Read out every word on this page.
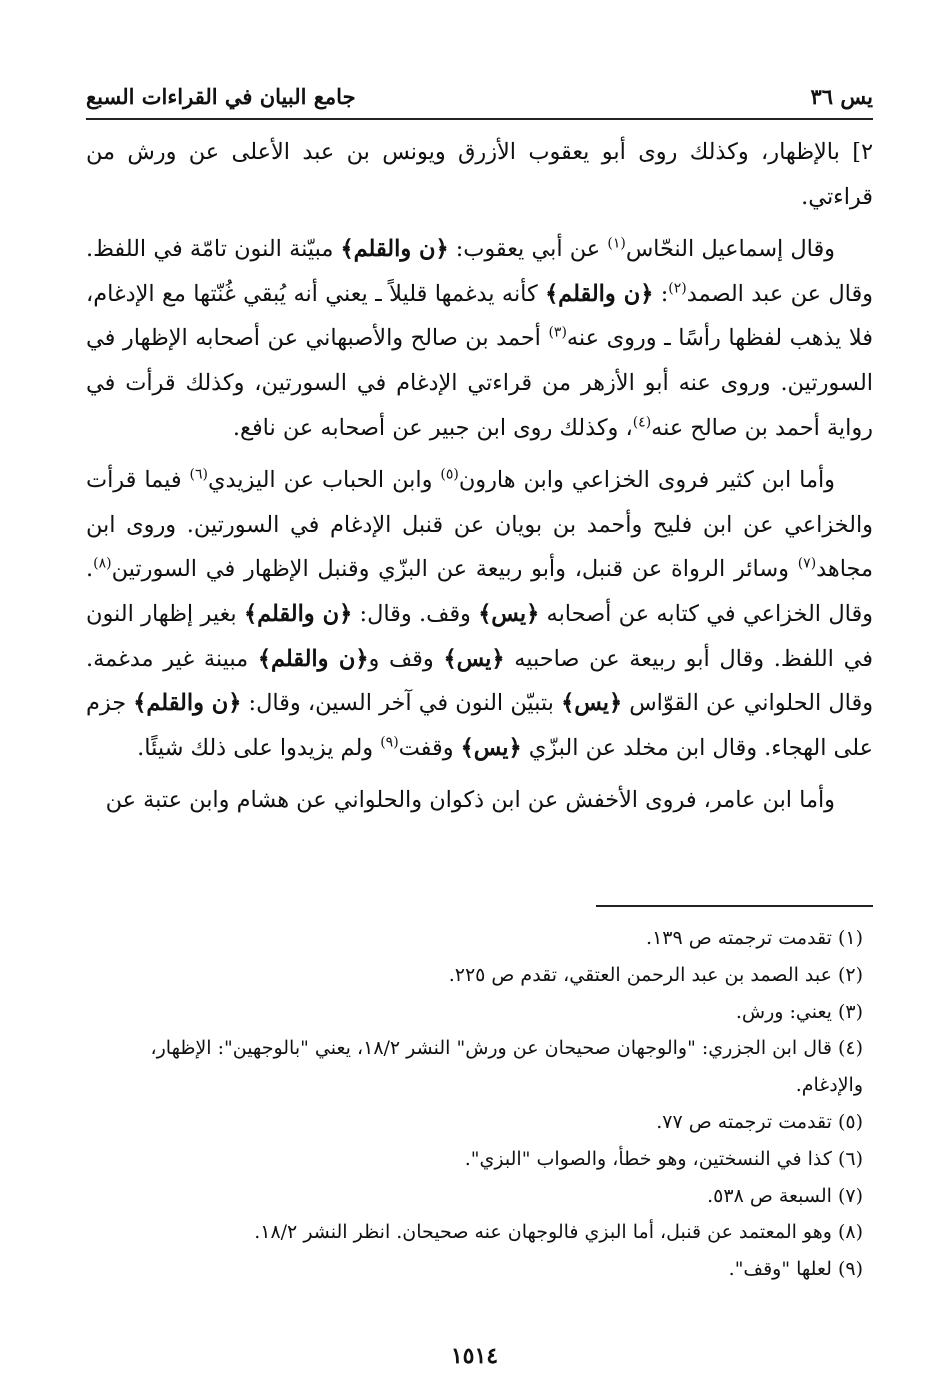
يس ٣٦
جامع البيان في القراءات السبع

٢] بالإظهار، وكذلك روى أبو يعقوب الأزرق ويونس بن عبد الأعلى عن ورش من قراءتي.

وقال إسماعيل النحّاس$^{(١)}$ عن أبي يعقوب: ﴿ن والقلم﴾ مبيّنة النون تامّة في اللفظ. وقال عن عبد الصمد$^{(٢)}$: ﴿ن والقلم﴾ كأنه يدغمها قليلاً ـ يعني أنه يُبقي غُنّتها مع الإدغام، فلا يذهب لفظها رأسًا ـ وروى عنه$^{(٣)}$ أحمد بن صالح والأصبهاني عن أصحابه الإظهار في السورتين. وروى عنه أبو الأزهر من قراءتي الإدغام في السورتين، وكذلك قرأت في رواية أحمد بن صالح عنه$^{(٤)}$، وكذلك روى ابن جبير عن أصحابه عن نافع.

وأما ابن كثير فروى الخزاعي وابن هارون$^{(٥)}$ وابن الحباب عن اليزيدي$^{(٦)}$ فيما قرأت والخزاعي عن ابن فليح وأحمد بن بويان عن قنبل الإدغام في السورتين. وروى ابن مجاهد$^{(٧)}$ وسائر الرواة عن قنبل، وأبو ربيعة عن البزّي وقنبل الإظهار في السورتين$^{(٨)}$. وقال الخزاعي في كتابه عن أصحابه ﴿يس﴾ وقف. وقال: ﴿ن والقلم﴾ بغير إظهار النون في اللفظ. وقال أبو ربيعة عن صاحبيه ﴿يس﴾ وقف و﴿ن والقلم﴾ مبينة غير مدغمة. وقال الحلواني عن القوّاس ﴿يس﴾ بتبيّن النون في آخر السين، وقال: ﴿ن والقلم﴾ جزم على الهجاء. وقال ابن مخلد عن البزّي ﴿يس﴾ وقفت$^{(٩)}$ ولم يزيدوا على ذلك شيئًا.

وأما ابن عامر، فروى الأخفش عن ابن ذكوان والحلواني عن هشام وابن عتبة عن

(١)تقدمت ترجمته ص ١٣٩.

(٢)عبد الصمد بن عبد الرحمن العتقي، تقدم ص ٢٢٥.

(٣)يعني: ورش.

(٤)قال ابن الجزري: "والوجهان صحيحان عن ورش" النشر ١٨/٢، يعني "بالوجهين": الإظهار، والإدغام.

(٥)تقدمت ترجمته ص ٧٧.

(٦)كذا في النسختين، وهو خطأ، والصواب "البزي".

(٧)السبعة ص ٥٣٨.

(٨)وهو المعتمد عن قنبل، أما البزي فالوجهان عنه صحيحان. انظر النشر ١٨/٢.

(٩)لعلها "وقف".

١٥١٤
